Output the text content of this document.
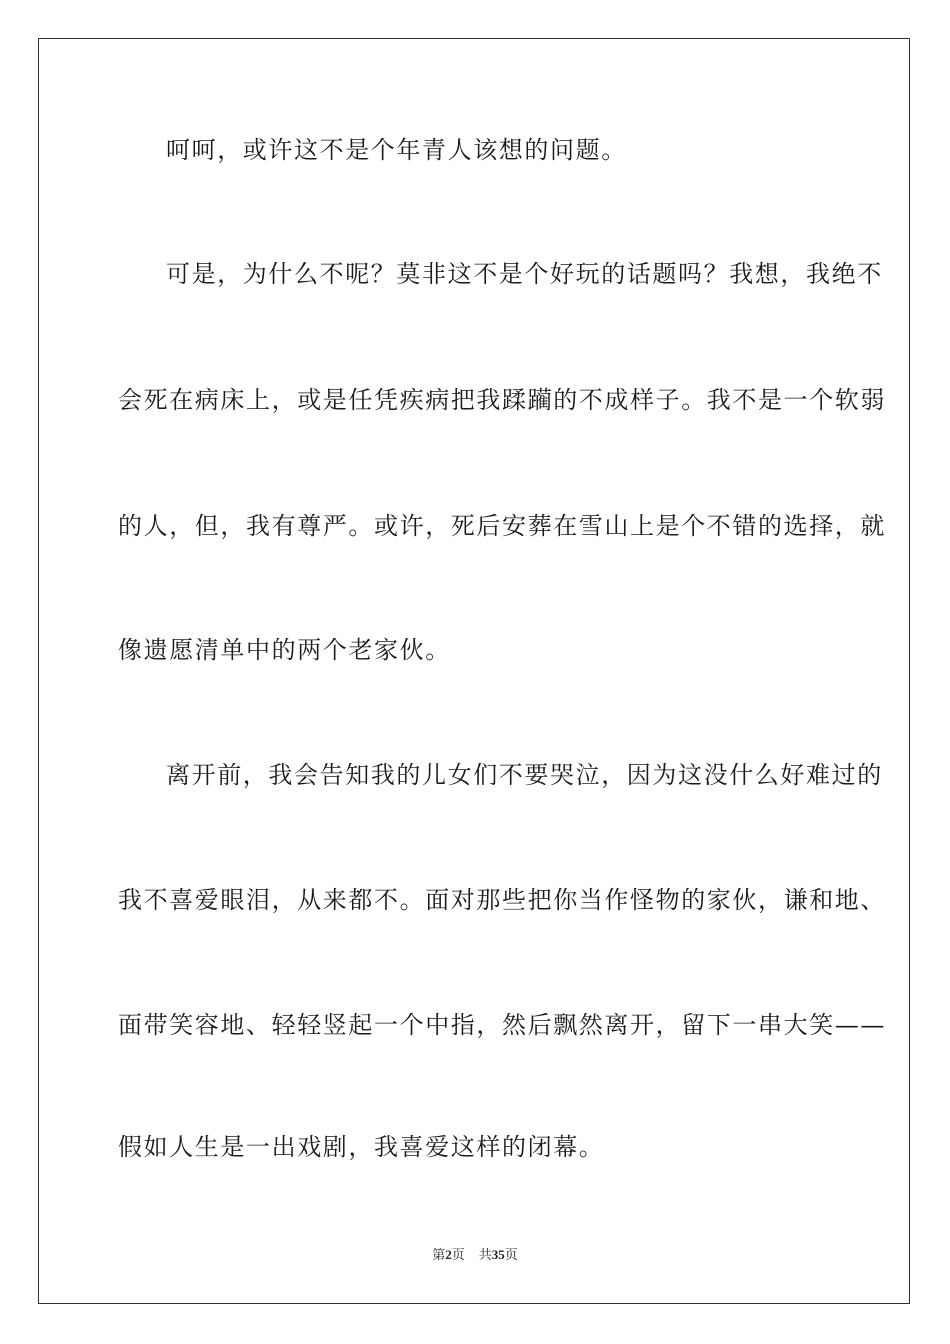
呵呵，或许这不是个年青人该想的问题。
可是，为什么不呢？莫非这不是个好玩的话题吗？我想，我绝不
会死在病床上，或是任凭疾病把我蹂躏的不成样子。我不是一个软弱
的人，但，我有尊严。或许，死后安葬在雪山上是个不错的选择，就
像遗愿清单中的两个老家伙。
离开前，我会告知我的儿女们不要哭泣，因为这没什么好难过的
我不喜爱眼泪，从来都不。面对那些把你当作怪物的家伙，谦和地、
面带笑容地、轻轻竖起一个中指，然后飘然离开，留下一串大笑——
假如人生是一出戏剧，我喜爱这样的闭幕。
第2页 共35页
